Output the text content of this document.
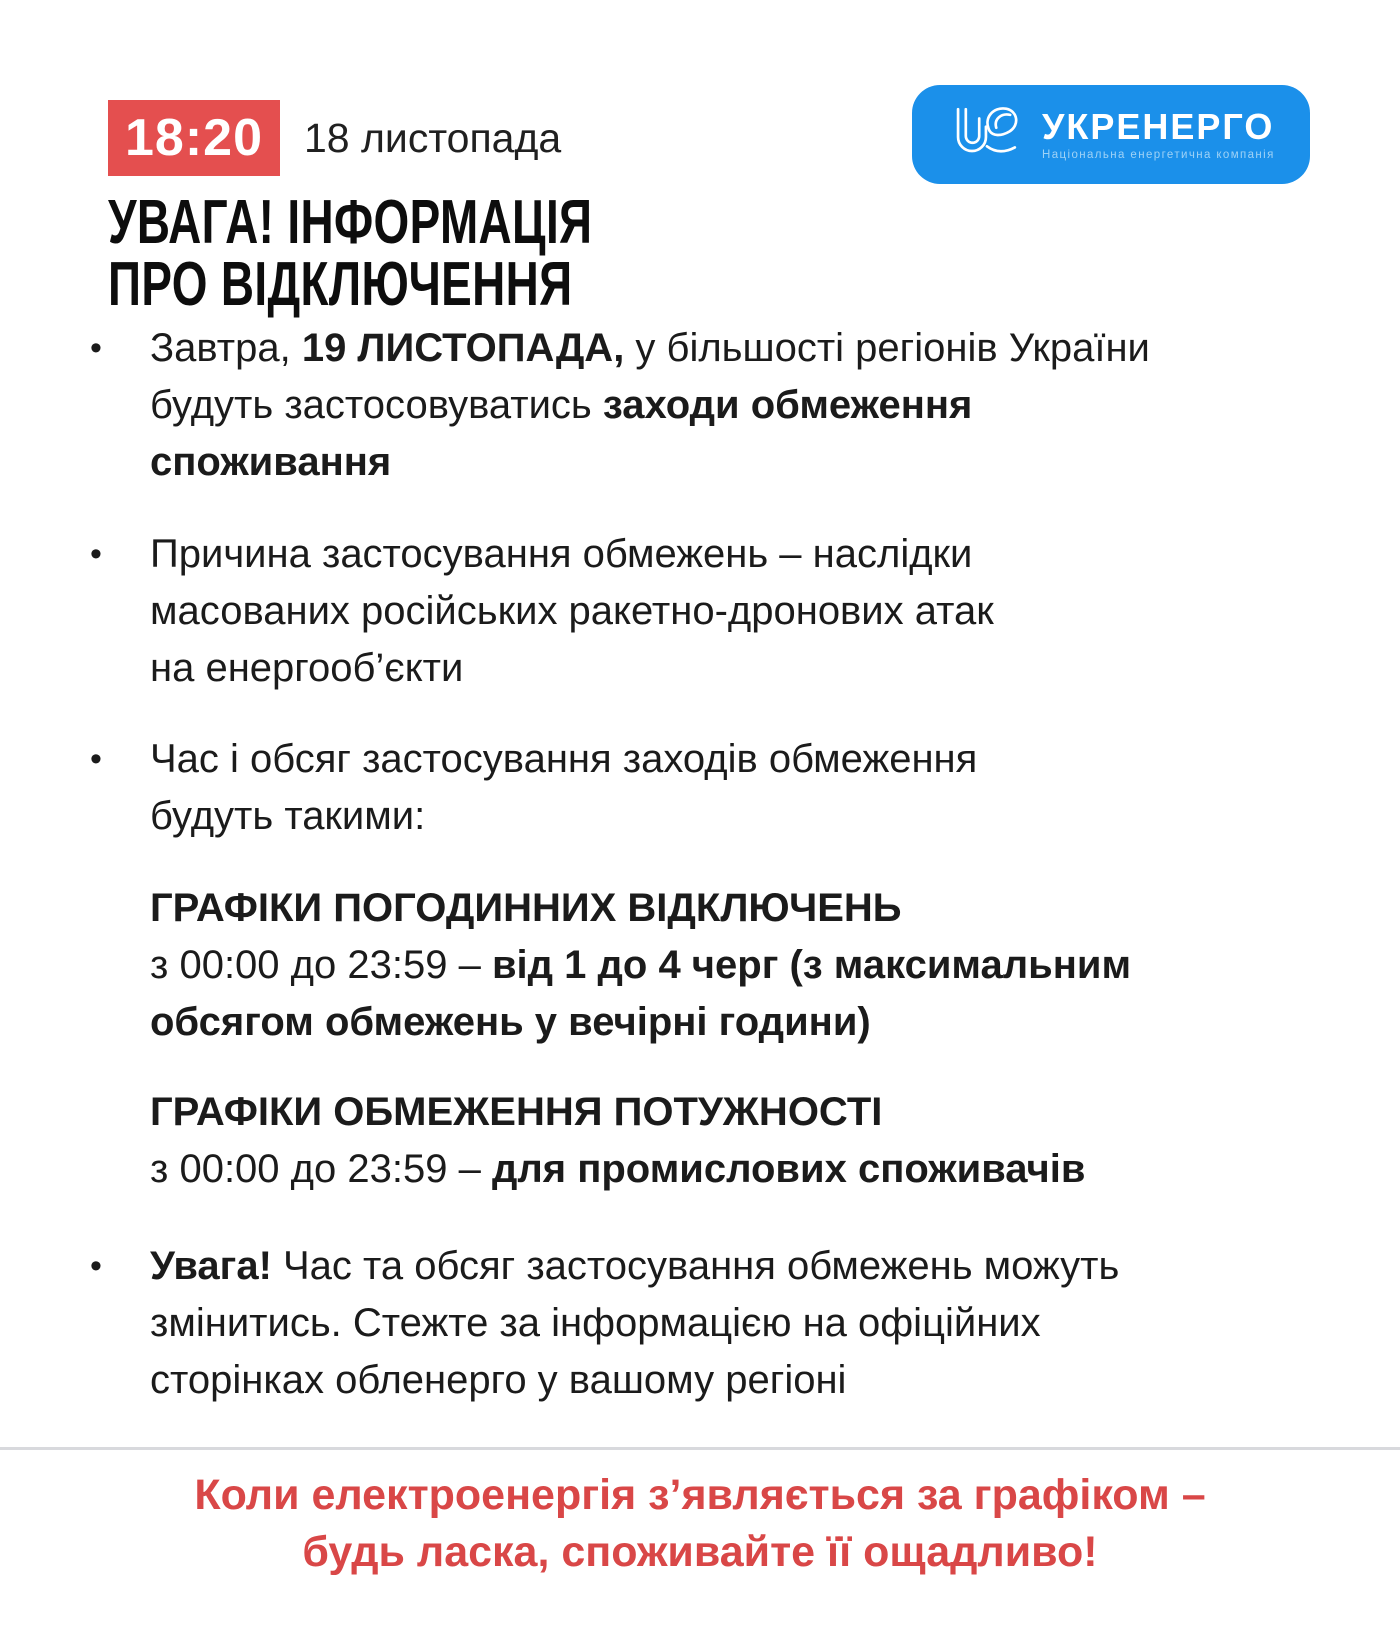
18:20 18 листопада	УКРЕНЕРГО
Національна енергетична компанія
УВАГА! ІНФОРМАЦІЯ
ПРО ВІДКЛЮЧЕННЯ
•	Завтра, 19 ЛИСТОПАДА, у більшості регіонів України
будуть застосовуватись заходи обмеження
споживання
•	Причина застосування обмежень – наслідки
масованих російських ракетно-дронових атак
на енергооб’єкти
•	Час і обсяг застосування заходів обмеження
будуть такими:
ГРАФІКИ ПОГОДИННИХ ВІДКЛЮЧЕНЬ
з 00:00 до 23:59 – від 1 до 4 черг (з максимальним
обсягом обмежень у вечірні години)
ГРАФІКИ ОБМЕЖЕННЯ ПОТУЖНОСТІ
з 00:00 до 23:59 – для промислових споживачів
•	Увага! Час та обсяг застосування обмежень можуть
змінитись. Стежте за інформацією на офіційних
сторінках обленерго у вашому регіоні
Коли електроенергія з’являється за графіком –
будь ласка, споживайте її ощадливо!
